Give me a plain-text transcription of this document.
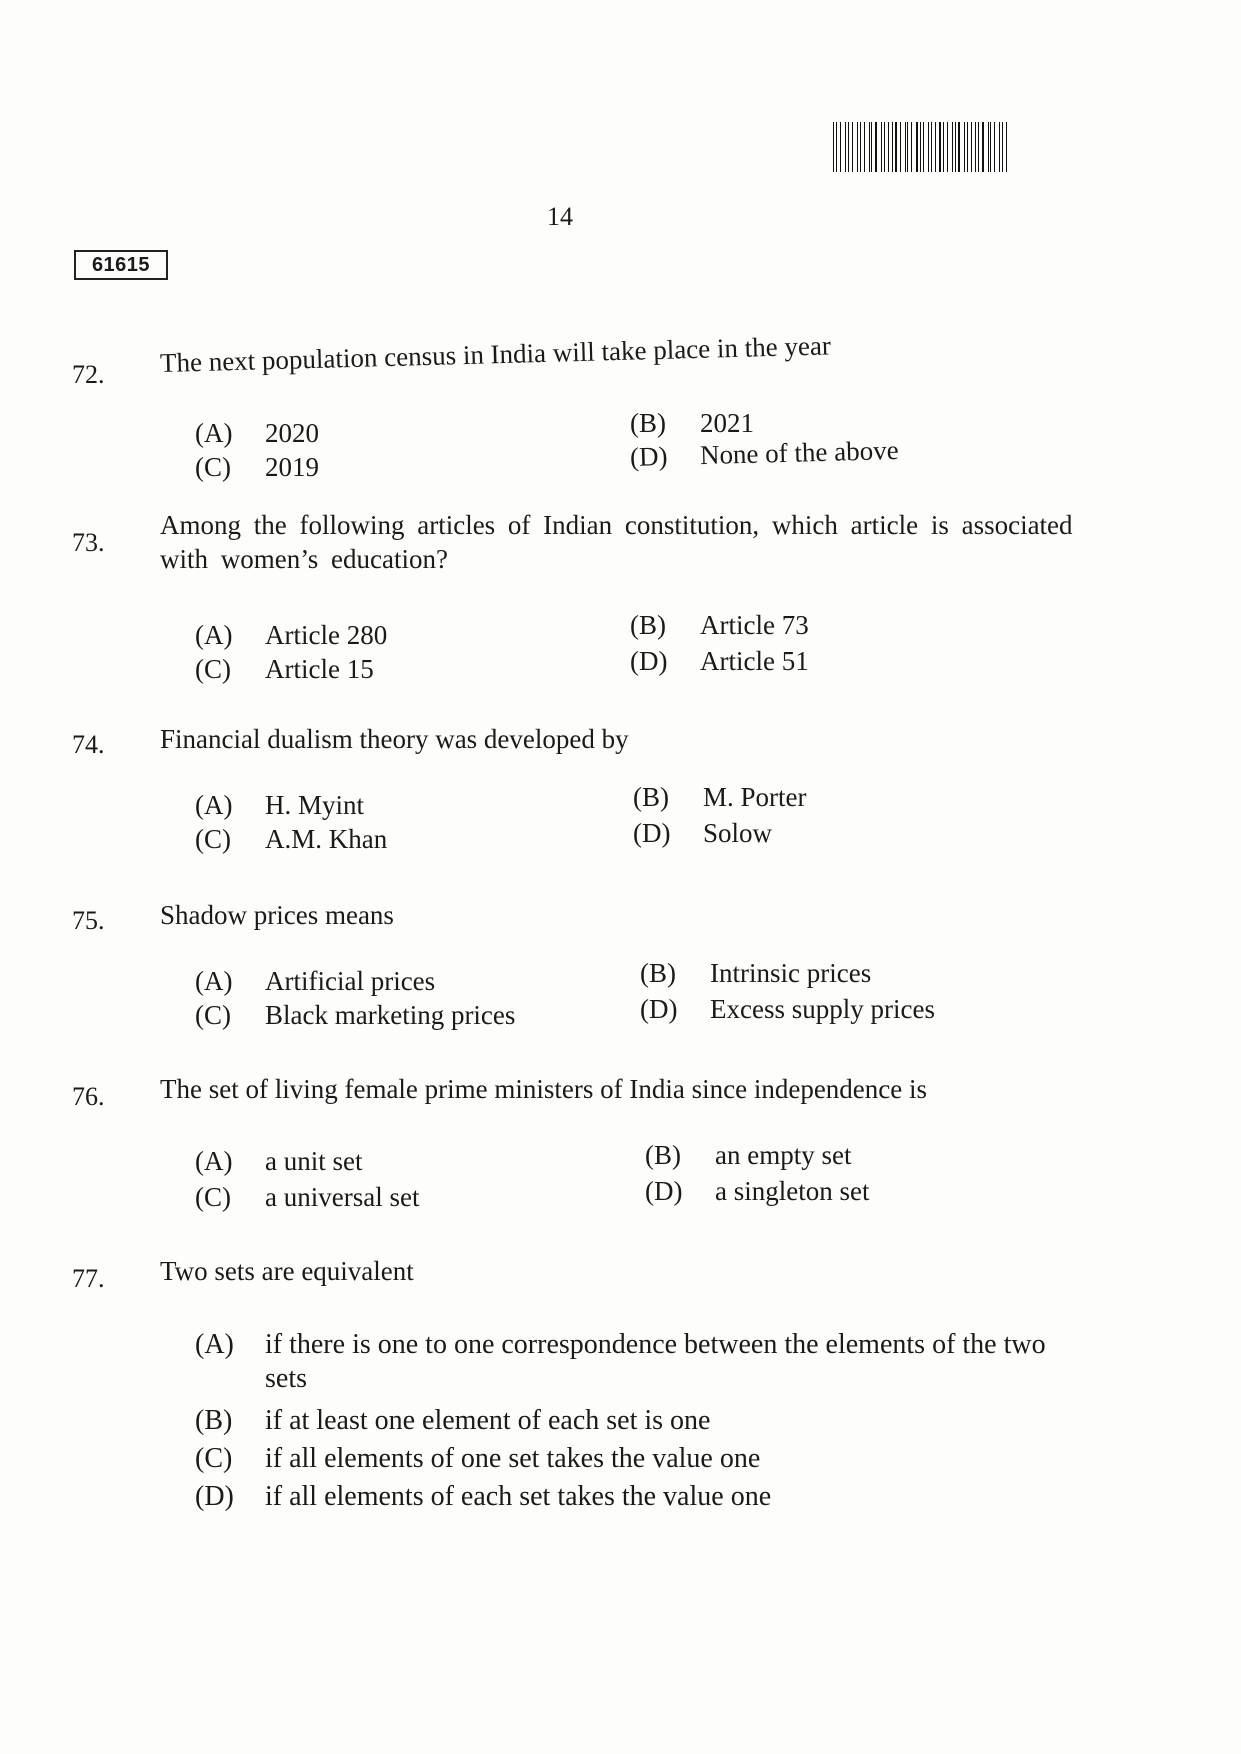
14
61615
72. The next population census in India will take place in the year
(A) 2020	(B) 2021
(C) 2019	(D) None of the above
73.
Among the following articles of Indian constitution, which article is associated with women’s education?
(A) Article 280	(B) Article 73
(C) Article 15	(D) Article 51
74. Financial dualism theory was developed by
(A) H. Myint	(B) M. Porter
(C) A.M. Khan	(D) Solow
75. Shadow prices means
(A) Artificial prices	(B) Intrinsic prices
(C) Black marketing prices	(D) Excess supply prices
76. The set of living female prime ministers of India since independence is
(A) a unit set	(B) an empty set
(C) a universal set	(D) a singleton set
77. Two sets are equivalent
(A) if there is one to one correspondence between the elements of the two sets
(B) if at least one element of each set is one
(C) if all elements of one set takes the value one
(D) if all elements of each set takes the value one
